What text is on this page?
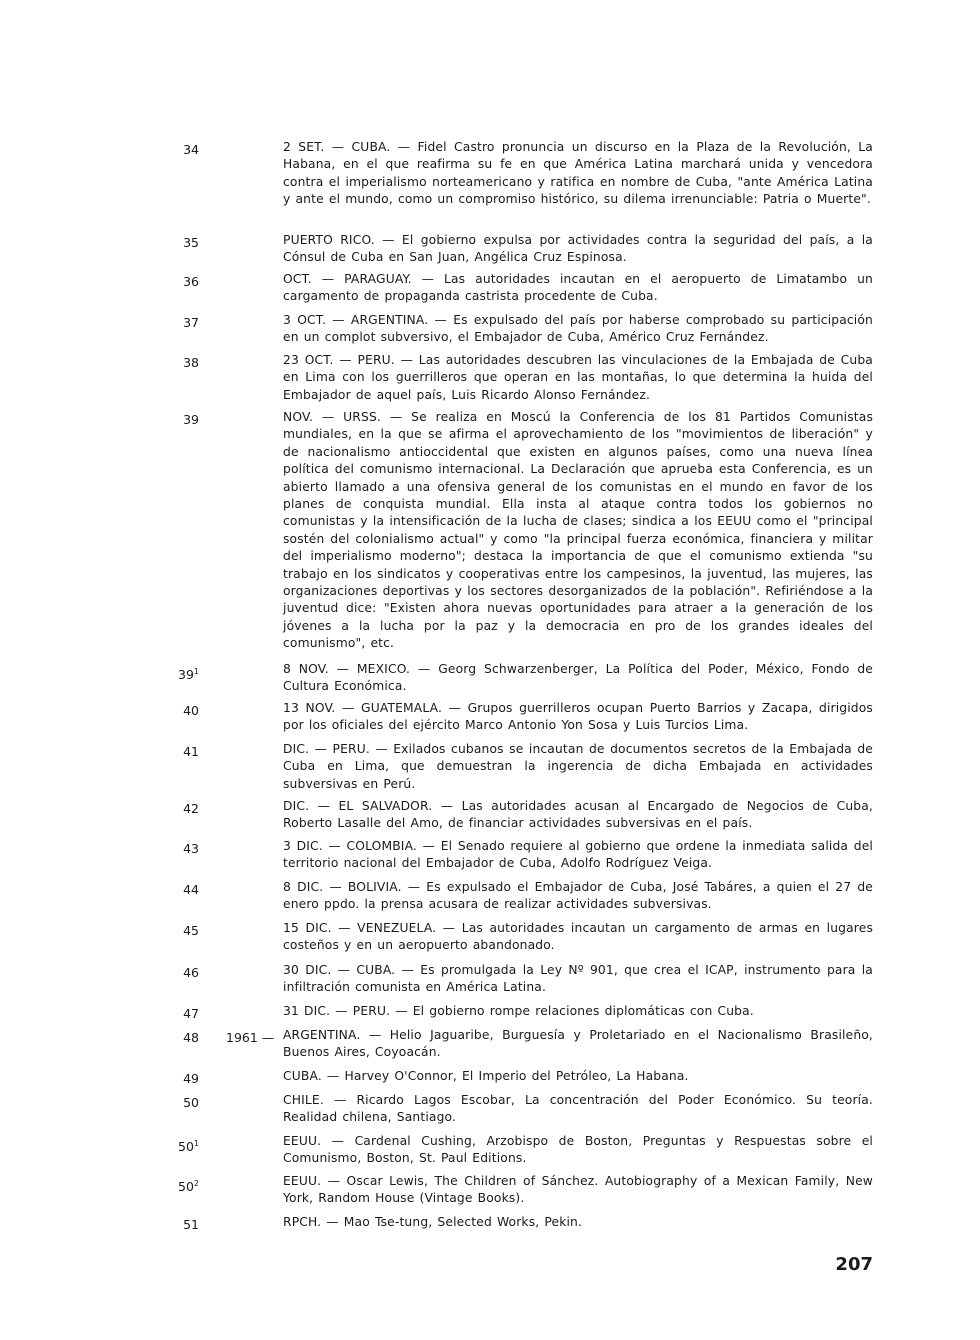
34	2 SET. — CUBA. — Fidel Castro pronuncia un discurso en la Plaza de la Revolución, La Habana, en el que reafirma su fe en que América Latina marchará unida y vencedora contra el imperialismo norteamericano y ratifica en nombre de Cuba, "ante América Latina y ante el mundo, como un compromiso histórico, su dilema irrenunciable: Patria o Muerte".
35	PUERTO RICO. — El gobierno expulsa por actividades contra la seguridad del país, a la Cónsul de Cuba en San Juan, Angélica Cruz Espinosa.
36	OCT. — PARAGUAY. — Las autoridades incautan en el aeropuerto de Limatambo un cargamento de propaganda castrista procedente de Cuba.
37	3 OCT. — ARGENTINA. — Es expulsado del país por haberse comprobado su participación en un complot subversivo, el Embajador de Cuba, Américo Cruz Fernández.
38	23 OCT. — PERU. — Las autoridades descubren las vinculaciones de la Embajada de Cuba en Lima con los guerrilleros que operan en las montañas, lo que determina la huida del Embajador de aquel país, Luis Ricardo Alonso Fernández.
39	NOV. — URSS. — Se realiza en Moscú la Conferencia de los 81 Partidos Comunistas mundiales, en la que se afirma el aprovechamiento de los "movimientos de liberación" y de nacionalismo antioccidental que existen en algunos países, como una nueva línea política del comunismo internacional. La Declaración que aprueba esta Conferencia, es un abierto llamado a una ofensiva general de los comunistas en el mundo en favor de los planes de conquista mundial. Ella insta al ataque contra todos los gobiernos no comunistas y la intensificación de la lucha de clases; sindica a los EEUU como el "principal sostén del colonialismo actual" y como "la principal fuerza económica, financiera y militar del imperialismo moderno"; destaca la importancia de que el comunismo extienda "su trabajo en los sindicatos y cooperativas entre los campesinos, la juventud, las mujeres, las organizaciones deportivas y los sectores desorganizados de la población". Refiriéndose a la juventud dice: "Existen ahora nuevas oportunidades para atraer a la generación de los jóvenes a la lucha por la paz y la democracia en pro de los grandes ideales del comunismo", etc.
$39^1$	8 NOV. — MEXICO. — Georg Schwarzenberger, La Política del Poder, México, Fondo de Cultura Económica.
40	13 NOV. — GUATEMALA. — Grupos guerrilleros ocupan Puerto Barrios y Zacapa, dirigidos por los oficiales del ejército Marco Antonio Yon Sosa y Luis Turcios Lima.
41	DIC. — PERU. — Exilados cubanos se incautan de documentos secretos de la Embajada de Cuba en Lima, que demuestran la ingerencia de dicha Embajada en actividades subversivas en Perú.
42	DIC. — EL SALVADOR. — Las autoridades acusan al Encargado de Negocios de Cuba, Roberto Lasalle del Amo, de financiar actividades subversivas en el país.
43	3 DIC. — COLOMBIA. — El Senado requiere al gobierno que ordene la inmediata salida del territorio nacional del Embajador de Cuba, Adolfo Rodríguez Veiga.
44	8 DIC. — BOLIVIA. — Es expulsado el Embajador de Cuba, José Tabáres, a quien el 27 de enero ppdo. la prensa acusara de realizar actividades subversivas.
45	15 DIC. — VENEZUELA. — Las autoridades incautan un cargamento de armas en lugares costeños y en un aeropuerto abandonado.
46	30 DIC. — CUBA. — Es promulgada la Ley Nº 901, que crea el ICAP, instrumento para la infiltración comunista en América Latina.
47	31 DIC. — PERU. — El gobierno rompe relaciones diplomáticas con Cuba.
48 1961 — ARGENTINA. — Helio Jaguaribe, Burguesía y Proletariado en el Nacionalismo Brasileño, Buenos Aires, Coyoacán.
49	CUBA. — Harvey O'Connor, El Imperio del Petróleo, La Habana.
50	CHILE. — Ricardo Lagos Escobar, La concentración del Poder Económico. Su teoría. Realidad chilena, Santiago.
$50^1$	EEUU. — Cardenal Cushing, Arzobispo de Boston, Preguntas y Respuestas sobre el Comunismo, Boston, St. Paul Editions.
$50^2$	EEUU. — Oscar Lewis, The Children of Sánchez. Autobiography of a Mexican Family, New York, Random House (Vintage Books).
51	RPCH. — Mao Tse-tung, Selected Works, Pekin.
207
